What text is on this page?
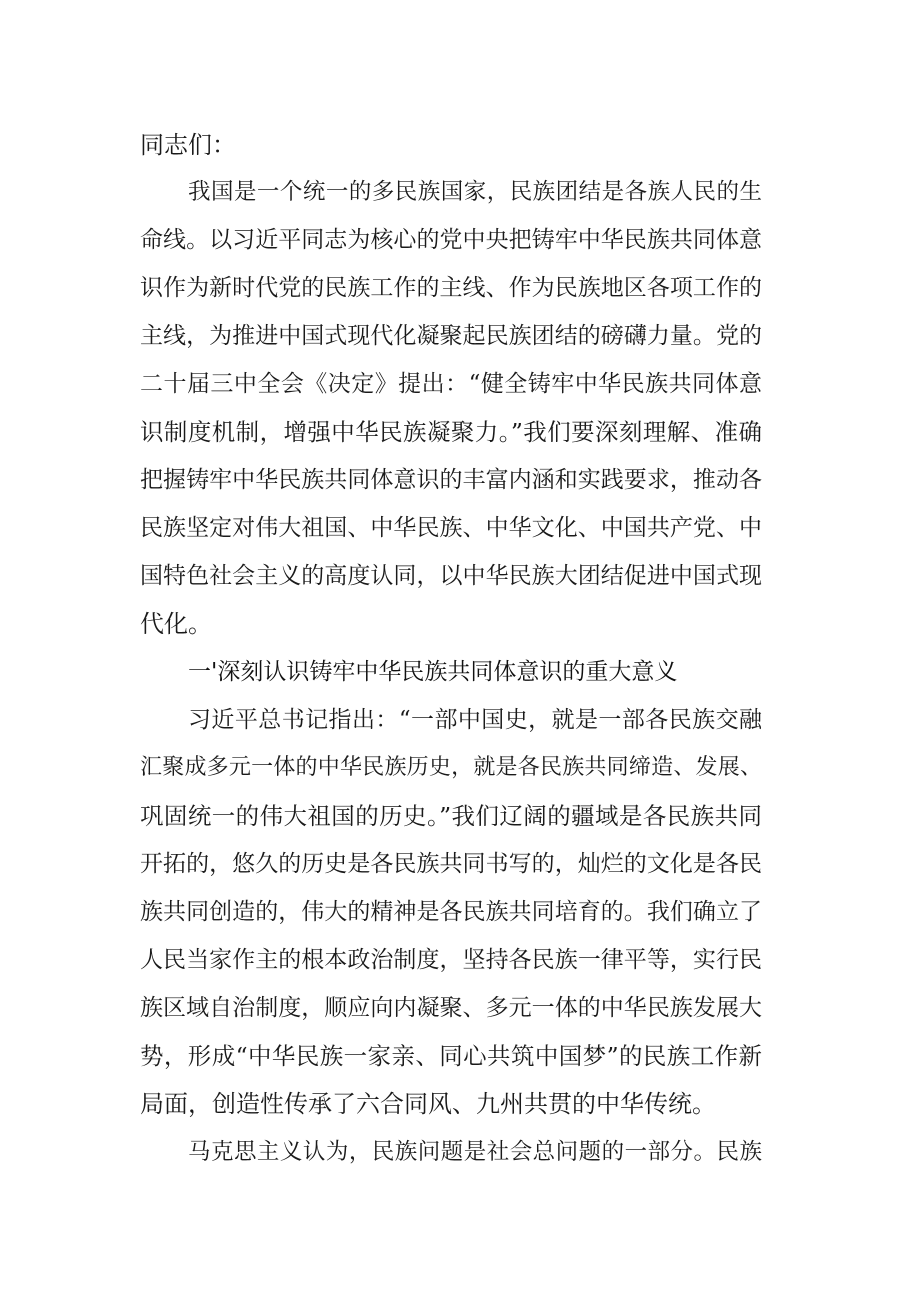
同志们：
我国是一个统一的多民族国家，民族团结是各族人民的生
命线。以习近平同志为核心的党中央把铸牢中华民族共同体意
识作为新时代党的民族工作的主线、作为民族地区各项工作的
主线，为推进中国式现代化凝聚起民族团结的磅礴力量。党的
二十届三中全会《决定》提出：“健全铸牢中华民族共同体意
识制度机制，增强中华民族凝聚力。”我们要深刻理解、准确
把握铸牢中华民族共同体意识的丰富内涵和实践要求，推动各
民族坚定对伟大祖国、中华民族、中华文化、中国共产党、中
国特色社会主义的高度认同，以中华民族大团结促进中国式现
代化。
一'深刻认识铸牢中华民族共同体意识的重大意义
习近平总书记指出：“一部中国史，就是一部各民族交融
汇聚成多元一体的中华民族历史，就是各民族共同缔造、发展、
巩固统一的伟大祖国的历史。”我们辽阔的疆域是各民族共同
开拓的，悠久的历史是各民族共同书写的，灿烂的文化是各民
族共同创造的，伟大的精神是各民族共同培育的。我们确立了
人民当家作主的根本政治制度，坚持各民族一律平等，实行民
族区域自治制度，顺应向内凝聚、多元一体的中华民族发展大
势，形成“中华民族一家亲、同心共筑中国梦”的民族工作新
局面，创造性传承了六合同风、九州共贯的中华传统。
马克思主义认为，民族问题是社会总问题的一部分。民族
